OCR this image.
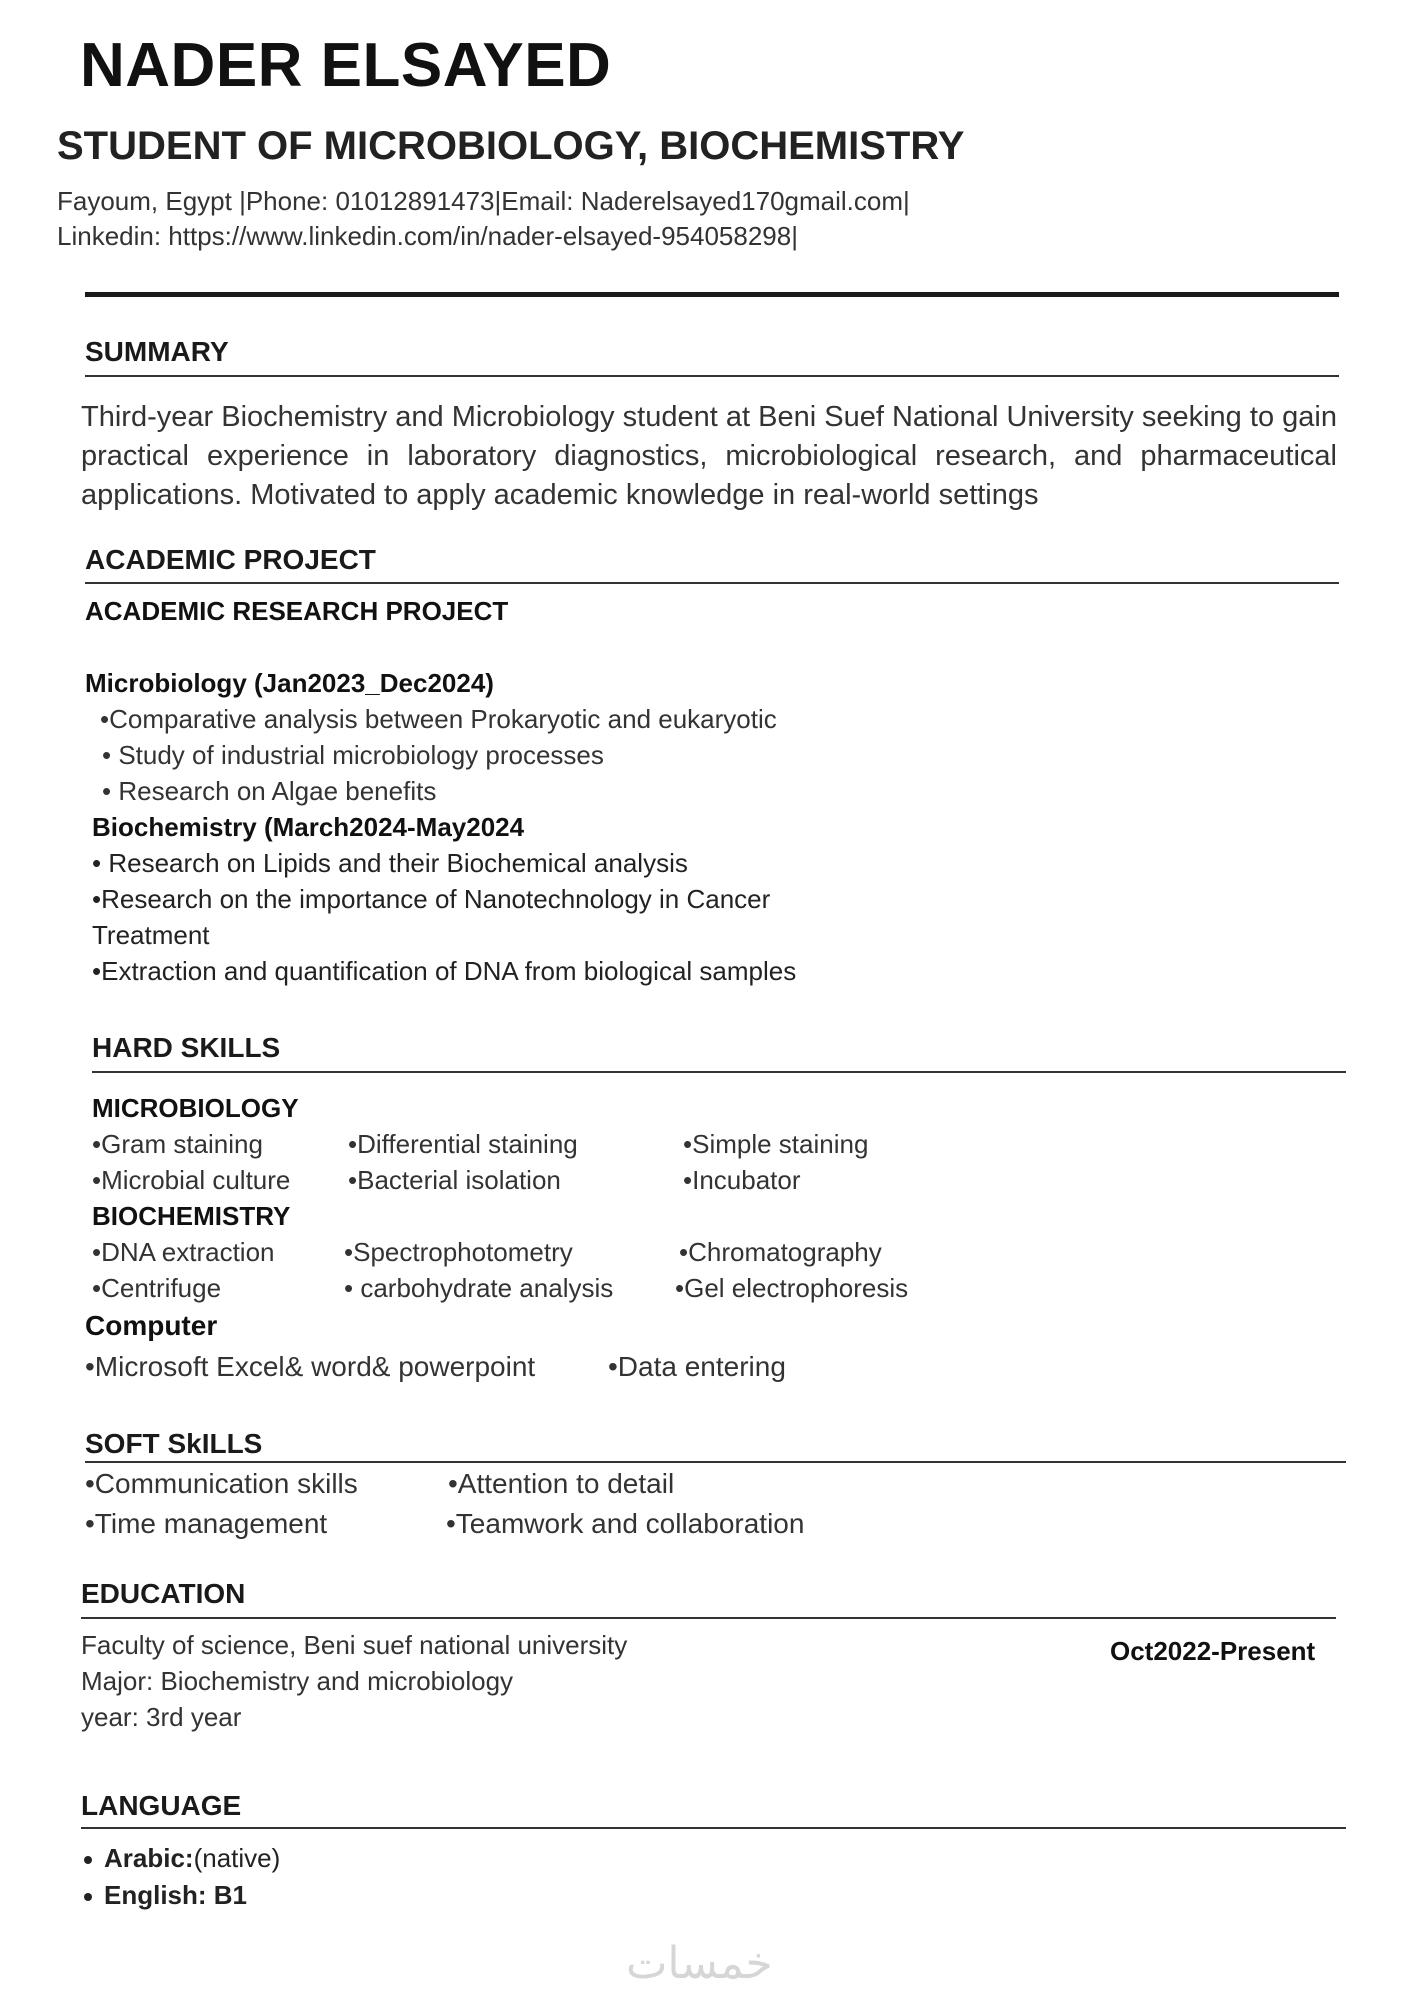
NADER ELSAYED
STUDENT OF MICROBIOLOGY, BIOCHEMISTRY
Fayoum, Egypt |Phone: 01012891473|Email: Naderelsayed170gmail.com|
Linkedin: https://www.linkedin.com/in/nader-elsayed-954058298|
SUMMARY
Third-year Biochemistry and Microbiology student at Beni Suef National University seeking to gain practical experience in laboratory diagnostics, microbiological research, and pharmaceutical applications. Motivated to apply academic knowledge in real-world settings
ACADEMIC PROJECT
ACADEMIC RESEARCH PROJECT
Microbiology (Jan2023_Dec2024)
•Comparative analysis between Prokaryotic and eukaryotic
• Study of industrial microbiology processes
• Research on Algae benefits
Biochemistry (March2024-May2024
• Research on Lipids and their Biochemical analysis
•Research on the importance of Nanotechnology in Cancer
Treatment
•Extraction and quantification of DNA from biological samples
HARD SKILLS
MICROBIOLOGY
•Gram staining	•Differential staining	•Simple staining
•Microbial culture •Bacterial isolation	•Incubator
BIOCHEMISTRY
•DNA extraction	•Spectrophotometry	•Chromatography
•Centrifuge	• carbohydrate analysis •Gel electrophoresis
Computer
•Microsoft Excel& word& powerpoint	•Data entering
SOFT SkILLS
•Communication skills	•Attention to detail
•Time management	•Teamwork and collaboration
EDUCATION
Faculty of science, Beni suef national university
Major: Biochemistry and microbiology
year: 3rd year
Oct2022-Present
LANGUAGE
Arabic:(native)
English: B1
خمسات
